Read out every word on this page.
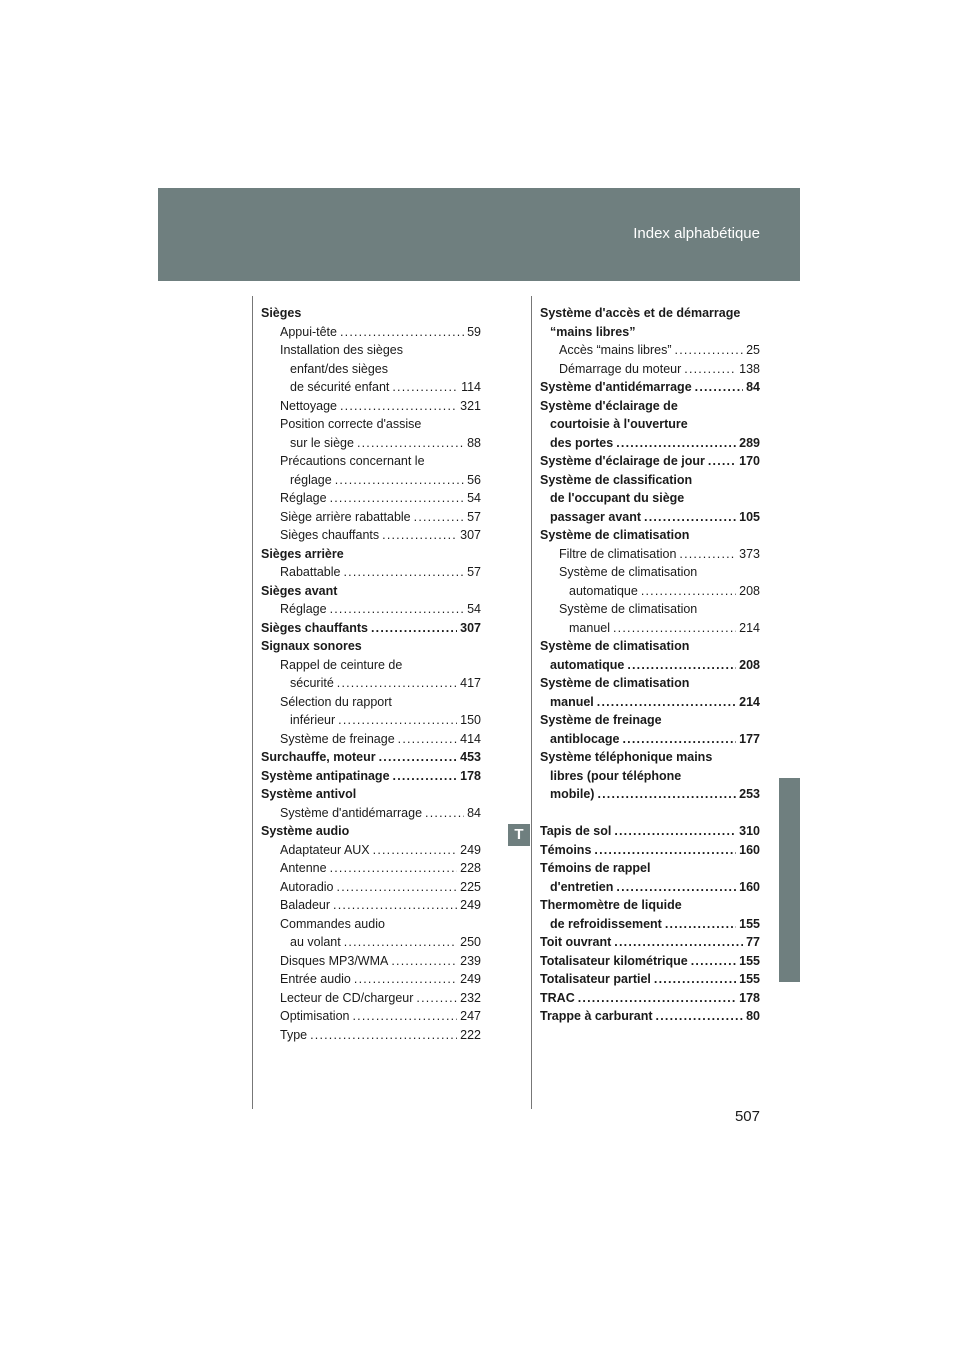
Index alphabétique
T
Sièges
Appui-tête .....	59
Installation des sièges
enfant/des sièges
de sécurité enfant .....	114
Nettoyage .....	321
Position correcte d'assise
sur le siège .....	88
Précautions concernant le
réglage .....	56
Réglage .....	54
Siège arrière rabattable .....	57
Sièges chauffants .....	307
Sièges arrière
Rabattable .....	57
Sièges avant
Réglage .....	54
Sièges chauffants .....	307
Signaux sonores
Rappel de ceinture de
sécurité .....	417
Sélection du rapport
inférieur .....	150
Système de freinage .....	414
Surchauffe, moteur .....	453
Système antipatinage .....	178
Système antivol
Système d'antidémarrage .....	84
Système audio
Adaptateur AUX .....	249
Antenne .....	228
Autoradio .....	225
Baladeur .....	249
Commandes audio
au volant .....	250
Disques MP3/WMA .....	239
Entrée audio .....	249
Lecteur de CD/chargeur .....	232
Optimisation .....	247
Type .....	222
Système d'accès et de démarrage
“mains libres”
Accès “mains libres” .....	25
Démarrage du moteur .....	138
Système d'antidémarrage .....	84
Système d'éclairage de
courtoisie à l'ouverture
des portes .....	289
Système d'éclairage de jour .....	170
Système de classification
de l'occupant du siège
passager avant .....	105
Système de climatisation
Filtre de climatisation .....	373
Système de climatisation
automatique .....	208
Système de climatisation
manuel .....	214
Système de climatisation
automatique .....	208
Système de climatisation
manuel .....	214
Système de freinage
antiblocage .....	177
Système téléphonique mains
libres (pour téléphone
mobile) .....	253
Tapis de sol .....	310
Témoins .....	160
Témoins de rappel
d'entretien .....	160
Thermomètre de liquide
de refroidissement .....	155
Toit ouvrant .....	77
Totalisateur kilométrique .....	155
Totalisateur partiel .....	155
TRAC .....	178
Trappe à carburant .....	80
507
